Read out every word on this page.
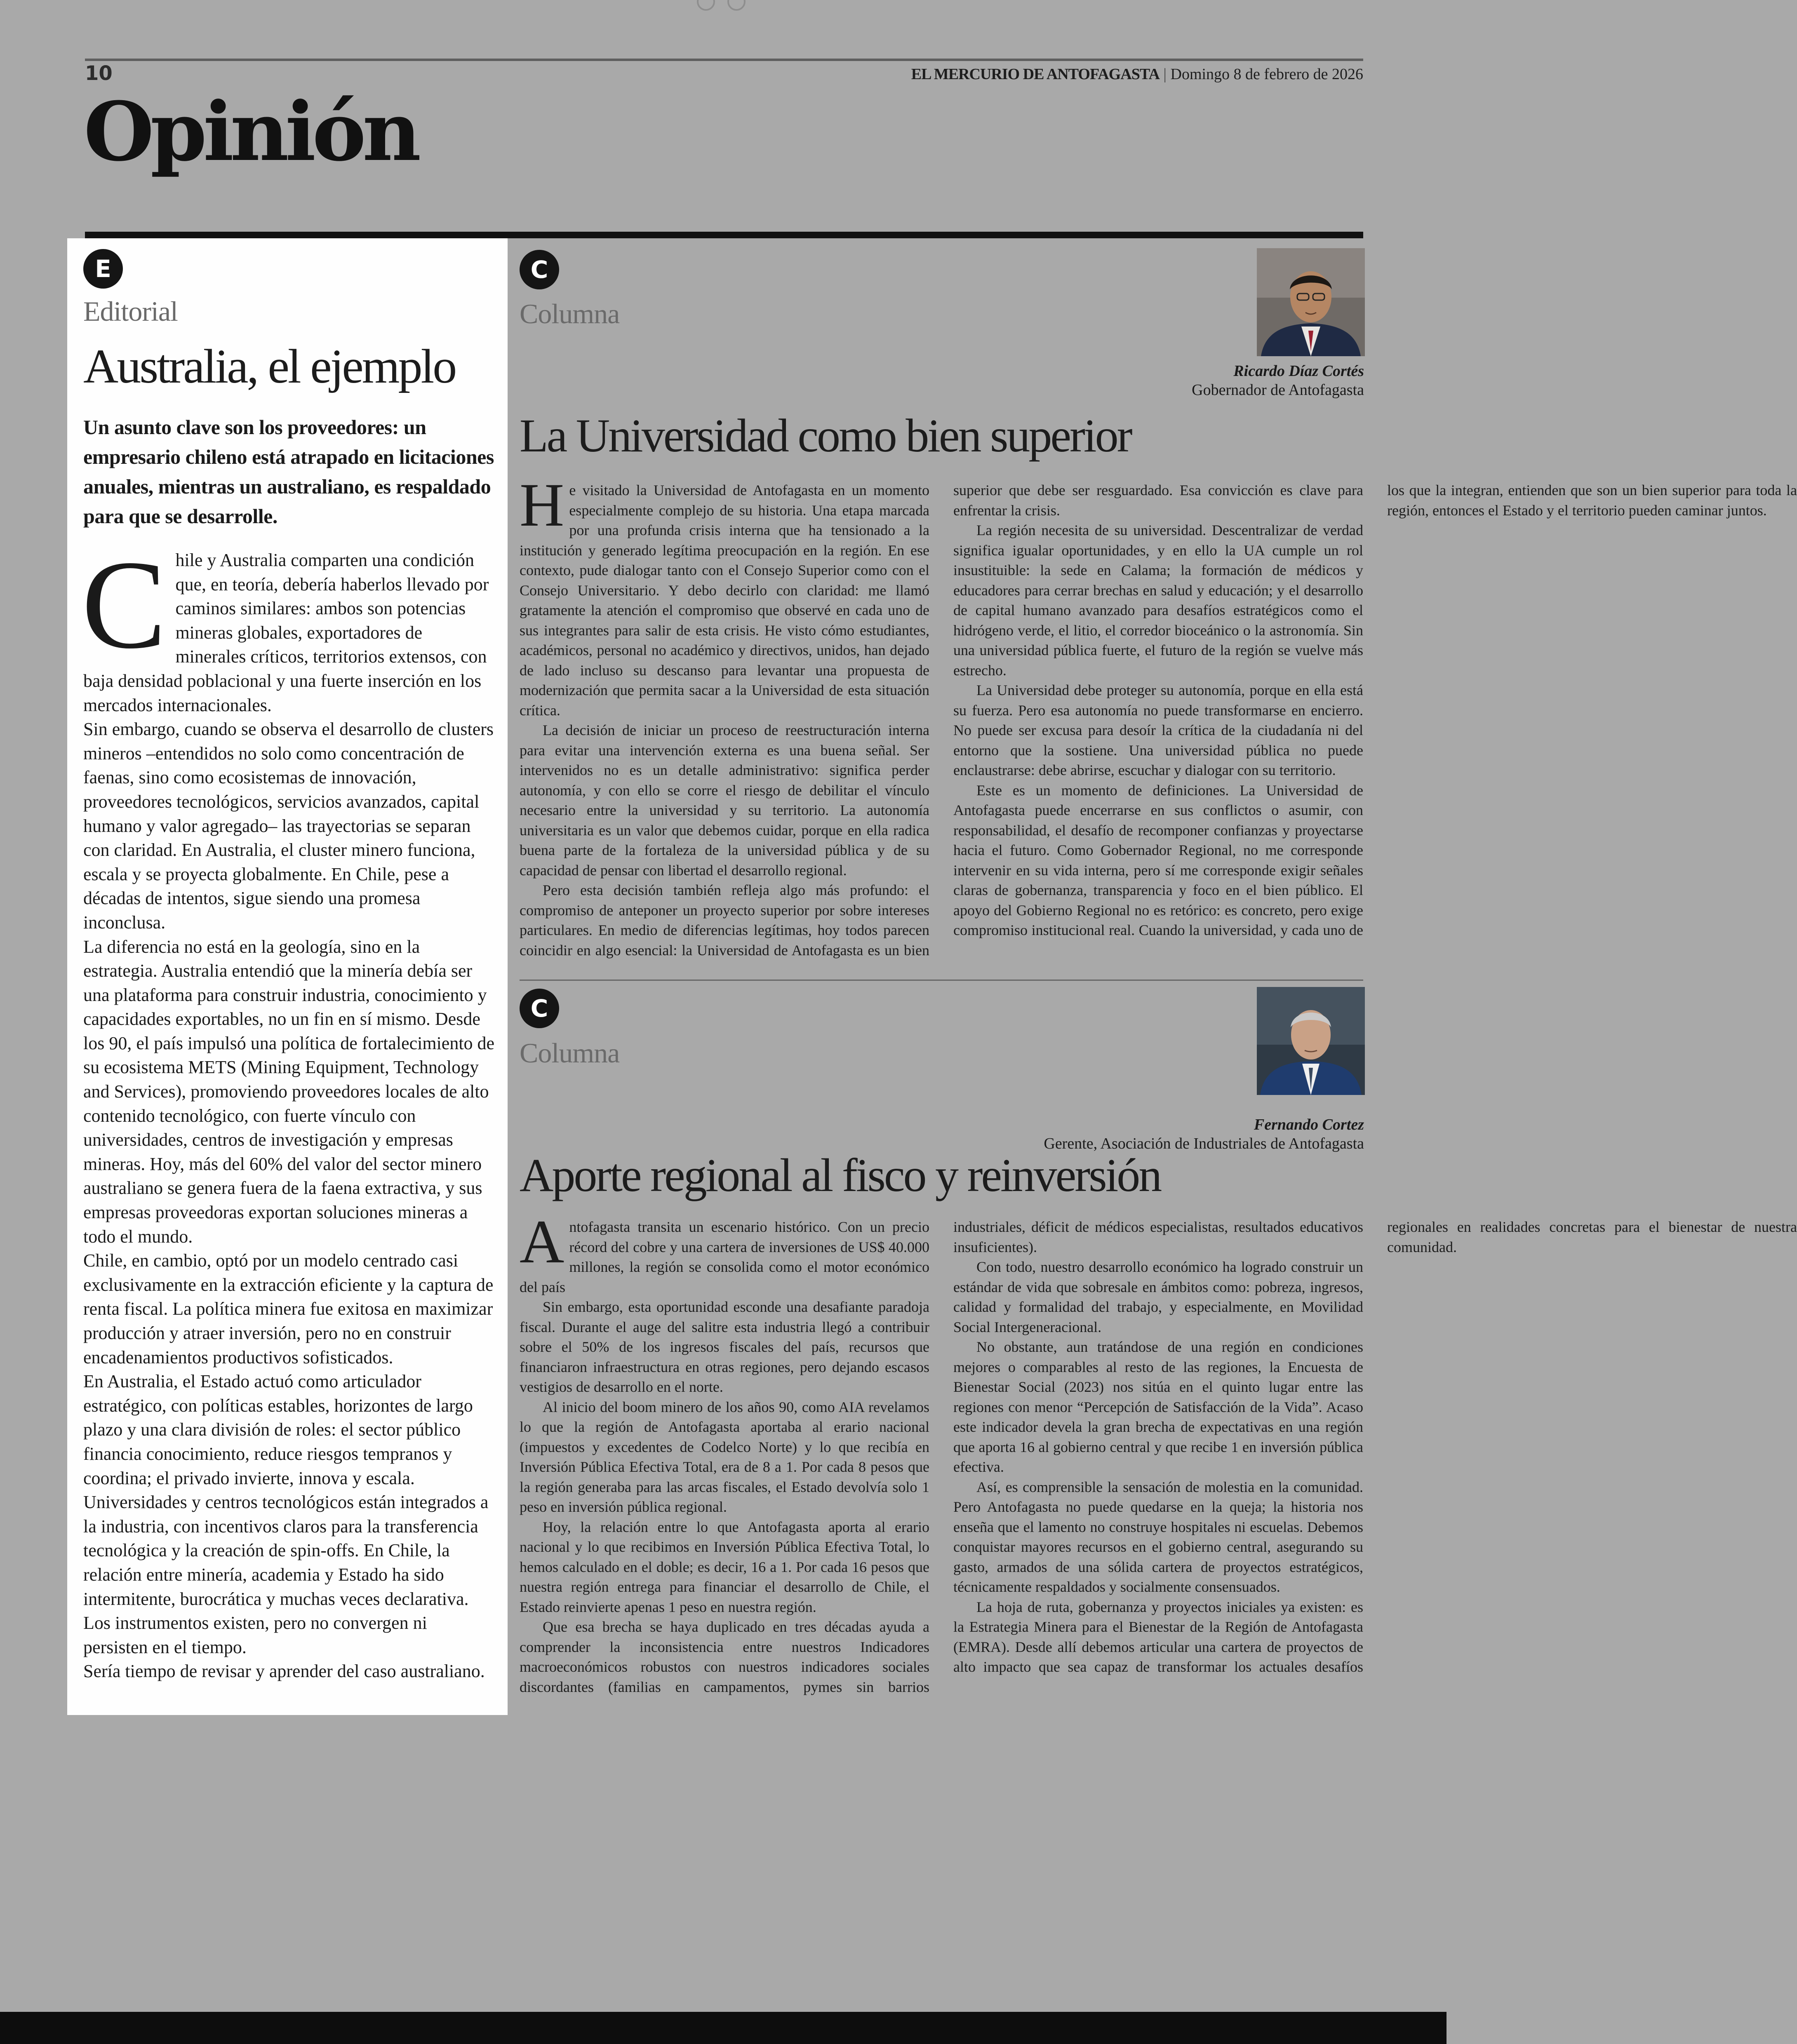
10	EL MERCURIO DE ANTOFAGASTA | Domingo 8 de febrero de 2026
Opinión
E
Editorial
Australia, el ejemplo
Un asunto clave son los proveedores: un empresario chileno está atrapado en licitaciones anuales, mientras un australiano, es respaldado para que se desarrolle.

Chile y Australia comparten una condición que, en teoría, debería haberlos llevado por caminos similares: ambos son potencias mineras globales, exportadores de minerales críticos, territorios extensos, con baja densidad poblacional y una fuerte inserción en los mercados internacionales.

Sin embargo, cuando se observa el desarrollo de clusters mineros –entendidos no solo como concentración de faenas, sino como ecosistemas de innovación, proveedores tecnológicos, servicios avanzados, capital humano y valor agregado– las trayectorias se separan con claridad. En Australia, el cluster minero funciona, escala y se proyecta globalmente. En Chile, pese a décadas de intentos, sigue siendo una promesa inconclusa.

La diferencia no está en la geología, sino en la estrategia. Australia entendió que la minería debía ser una plataforma para construir industria, conocimiento y capacidades exportables, no un fin en sí mismo. Desde los 90, el país impulsó una política de fortalecimiento de su ecosistema METS (Mining Equipment, Technology and Services), promoviendo proveedores locales de alto contenido tecnológico, con fuerte vínculo con universidades, centros de investigación y empresas mineras. Hoy, más del 60% del valor del sector minero australiano se genera fuera de la faena extractiva, y sus empresas proveedoras exportan soluciones mineras a todo el mundo.

Chile, en cambio, optó por un modelo centrado casi exclusivamente en la extracción eficiente y la captura de renta fiscal. La política minera fue exitosa en maximizar producción y atraer inversión, pero no en construir encadenamientos productivos sofisticados.

En Australia, el Estado actuó como articulador estratégico, con políticas estables, horizontes de largo plazo y una clara división de roles: el sector público financia conocimiento, reduce riesgos tempranos y coordina; el privado invierte, innova y escala. Universidades y centros tecnológicos están integrados a la industria, con incentivos claros para la transferencia tecnológica y la creación de spin-offs. En Chile, la relación entre minería, academia y Estado ha sido intermitente, burocrática y muchas veces declarativa. Los instrumentos existen, pero no convergen ni persisten en el tiempo.

Sería tiempo de revisar y aprender del caso australiano.

C
Columna
Ricardo Díaz Cortés
Gobernador de Antofagasta
La Universidad como bien superior

He visitado la Universidad de Antofagasta en un momento especialmente complejo de su historia. Una etapa marcada por una profunda crisis interna que ha tensionado a la institución y generado legítima preocupación en la región. En ese contexto, pude dialogar tanto con el Consejo Superior como con el Consejo Universitario. Y debo decirlo con claridad: me llamó gratamente la atención el compromiso que observé en cada uno de sus integrantes para salir de esta crisis. He visto cómo estudiantes, académicos, personal no académico y directivos, unidos, han dejado de lado incluso su descanso para levantar una propuesta de modernización que permita sacar a la Universidad de esta situación crítica.

La decisión de iniciar un proceso de reestructuración interna para evitar una intervención externa es una buena señal. Ser intervenidos no es un detalle administrativo: significa perder autonomía, y con ello se corre el riesgo de debilitar el vínculo necesario entre la universidad y su territorio. La autonomía universitaria es un valor que debemos cuidar, porque en ella radica buena parte de la fortaleza de la universidad pública y de su capacidad de pensar con libertad el desarrollo regional.

Pero esta decisión también refleja algo más profundo: el compromiso de anteponer un proyecto superior por sobre intereses particulares. En medio de diferencias legítimas, hoy todos parecen coincidir en algo esencial: la Universidad de Antofagasta es un bien superior que debe ser resguardado. Esa convicción es clave para enfrentar la crisis.

La región necesita de su universidad. Descentralizar de verdad significa igualar oportunidades, y en ello la UA cumple un rol insustituible: la sede en Calama; la formación de médicos y educadores para cerrar brechas en salud y educación; y el desarrollo de capital humano avanzado para desafíos estratégicos como el hidrógeno verde, el litio, el corredor bioceánico o la astronomía. Sin una universidad pública fuerte, el futuro de la región se vuelve más estrecho.

La Universidad debe proteger su autonomía, porque en ella está su fuerza. Pero esa autonomía no puede transformarse en encierro. No puede ser excusa para desoír la crítica de la ciudadanía ni del entorno que la sostiene. Una universidad pública no puede enclaustrarse: debe abrirse, escuchar y dialogar con su territorio.

Este es un momento de definiciones. La Universidad de Antofagasta puede encerrarse en sus conflictos o asumir, con responsabilidad, el desafío de recomponer confianzas y proyectarse hacia el futuro. Como Gobernador Regional, no me corresponde intervenir en su vida interna, pero sí me corresponde exigir señales claras de gobernanza, transparencia y foco en el bien público. El apoyo del Gobierno Regional no es retórico: es concreto, pero exige compromiso institucional real. Cuando la universidad, y cada uno de los que la integran, entienden que son un bien superior para toda la región, entonces el Estado y el territorio pueden caminar juntos.

C
Columna
Fernando Cortez
Gerente, Asociación de Industriales de Antofagasta
Aporte regional al fisco y reinversión

Antofagasta transita un escenario histórico. Con un precio récord del cobre y una cartera de inversiones de US$ 40.000 millones, la región se consolida como el motor económico del país

Sin embargo, esta oportunidad esconde una desafiante paradoja fiscal. Durante el auge del salitre esta industria llegó a contribuir sobre el 50% de los ingresos fiscales del país, recursos que financiaron infraestructura en otras regiones, pero dejando escasos vestigios de desarrollo en el norte.

Al inicio del boom minero de los años 90, como AIA revelamos lo que la región de Antofagasta aportaba al erario nacional (impuestos y excedentes de Codelco Norte) y lo que recibía en Inversión Pública Efectiva Total, era de 8 a 1. Por cada 8 pesos que la región generaba para las arcas fiscales, el Estado devolvía solo 1 peso en inversión pública regional.

Hoy, la relación entre lo que Antofagasta aporta al erario nacional y lo que recibimos en Inversión Pública Efectiva Total, lo hemos calculado en el doble; es decir, 16 a 1. Por cada 16 pesos que nuestra región entrega para financiar el desarrollo de Chile, el Estado reinvierte apenas 1 peso en nuestra región.

Que esa brecha se haya duplicado en tres décadas ayuda a comprender la inconsistencia entre nuestros Indicadores macroeconómicos robustos con nuestros indicadores sociales discordantes (familias en campamentos, pymes sin barrios industriales, déficit de médicos especialistas, resultados educativos insuficientes).

Con todo, nuestro desarrollo económico ha logrado construir un estándar de vida que sobresale en ámbitos como: pobreza, ingresos, calidad y formalidad del trabajo, y especialmente, en Movilidad Social Intergeneracional.

No obstante, aun tratándose de una región en condiciones mejores o comparables al resto de las regiones, la Encuesta de Bienestar Social (2023) nos sitúa en el quinto lugar entre las regiones con menor “Percepción de Satisfacción de la Vida”. Acaso este indicador devela la gran brecha de expectativas en una región que aporta 16 al gobierno central y que recibe 1 en inversión pública efectiva.

Así, es comprensible la sensación de molestia en la comunidad. Pero Antofagasta no puede quedarse en la queja; la historia nos enseña que el lamento no construye hospitales ni escuelas. Debemos conquistar mayores recursos en el gobierno central, asegurando su gasto, armados de una sólida cartera de proyectos estratégicos, técnicamente respaldados y socialmente consensuados.

La hoja de ruta, gobernanza y proyectos iniciales ya existen: es la Estrategia Minera para el Bienestar de la Región de Antofagasta (EMRA). Desde allí debemos articular una cartera de proyectos de alto impacto que sea capaz de transformar los actuales desafíos regionales en realidades concretas para el bienestar de nuestra comunidad.
